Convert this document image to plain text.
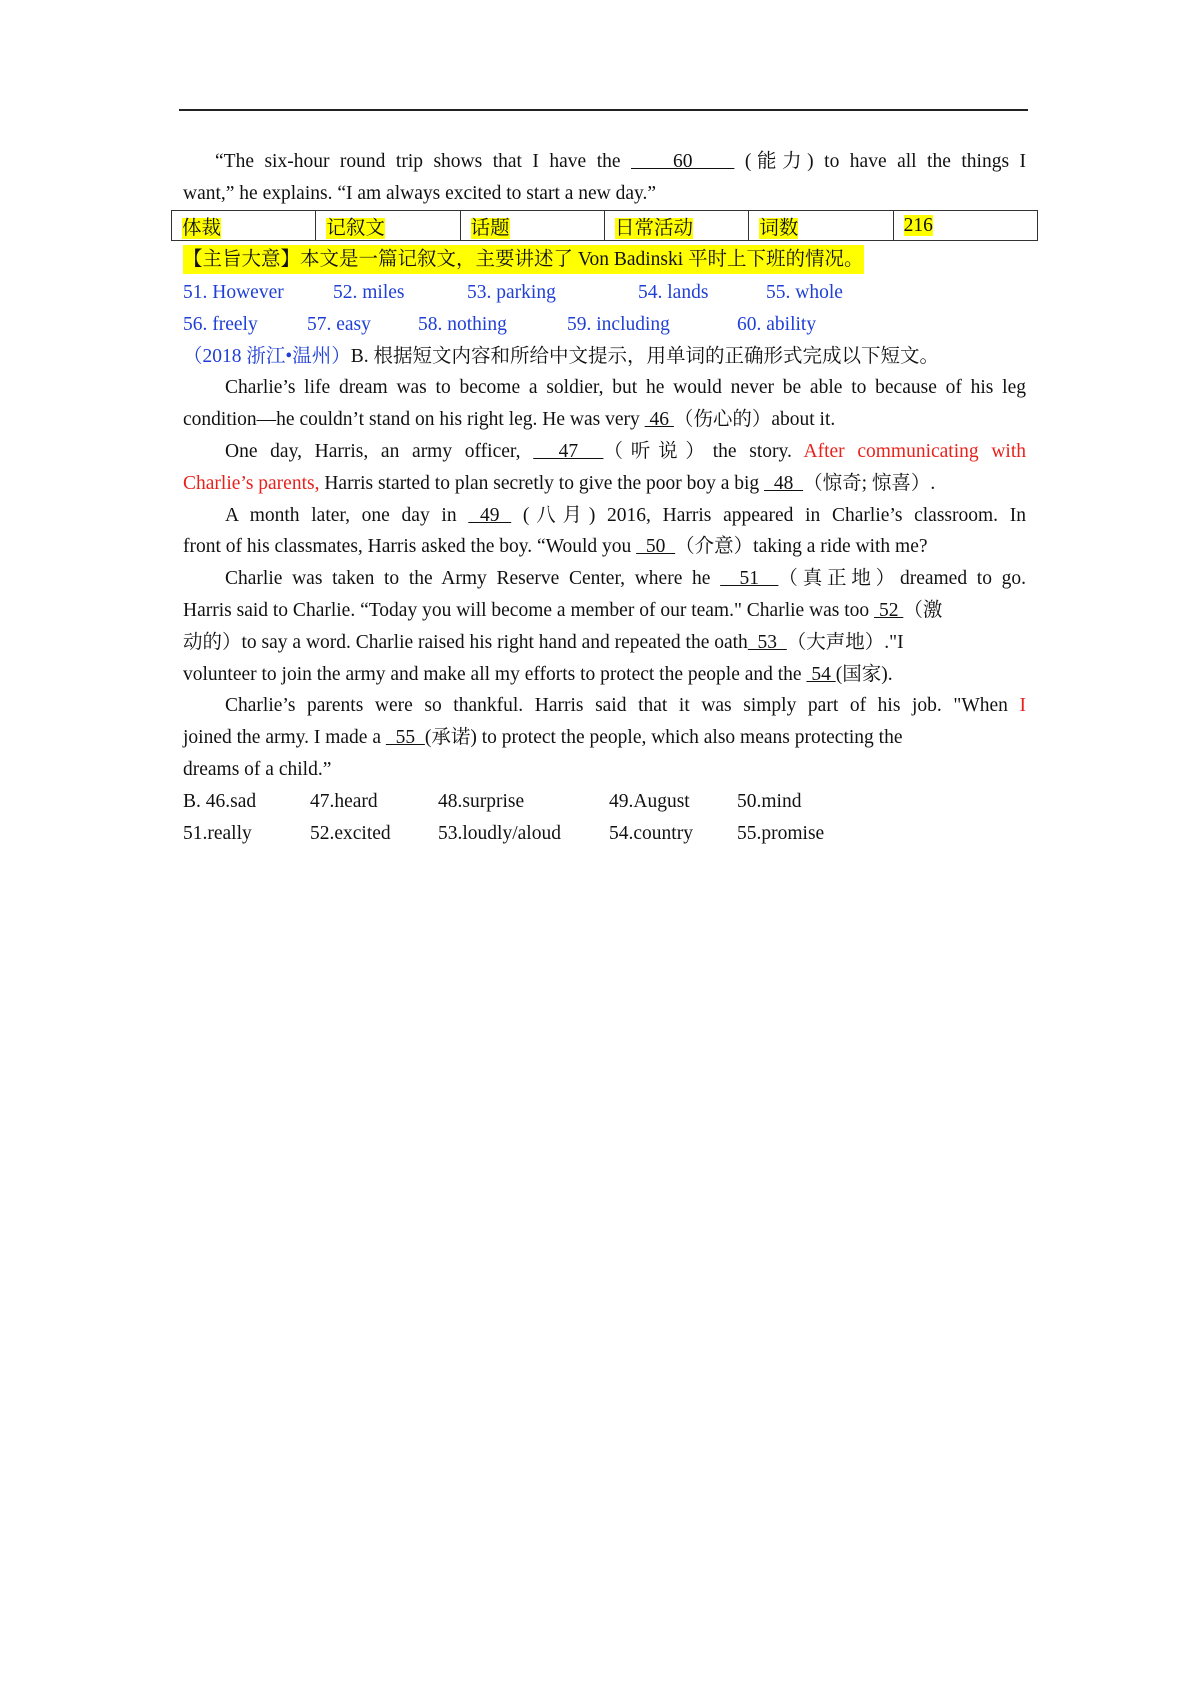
“The six-hour round trip shows that I have the     60     (能力) to have all the things I
want,” he explains. “I am always excited to start a new day.”
体裁	记叙文	话题	日常活动	词数	216
【主旨大意】本文是一篇记叙文，主要讲述了 Von Badinski 平时上下班的情况。
51. However	52. miles	53. parking	54. lands	55. whole
56. freely	57. easy 58. nothing	59. including	60. ability
（2018 浙江•温州）B. 根据短文内容和所给中文提示，用单词的正确形式完成以下短文。
Charlie’s life dream was to become a soldier, but he would never be able to because of his leg
condition—he couldn’t stand on his right leg. He was very  46 （伤心的）about it.
One day, Harris, an army officer,   47  （听说）the story. After communicating with
Charlie’s parents, Harris started to plan secretly to give the poor boy a big   48  （惊奇; 惊喜）.
A month later, one day in  49  (八月) 2016, Harris appeared in Charlie’s classroom. In
front of his classmates, Harris asked the boy. “Would you   50  （介意）taking a ride with me?
Charlie was taken to the Army Reserve Center, where he   51  （真正地）dreamed to go.
Harris said to Charlie. “Today you will become a member of our team." Charlie was too  52 （激
动的）to say a word. Charlie raised his right hand and repeated the oath  53  （大声地）."I
volunteer to join the army and make all my efforts to protect the people and the  54 (国家).
Charlie’s parents were so thankful. Harris said that it was simply part of his job. "When I
joined the army. I made a   55  (承诺) to protect the people, which also means protecting the
dreams of a child.”
B. 46.sad	47.heard	48.surprise	49.August 50.mind
51.really	52.excited 53.loudly/aloud 54.country 55.promise
